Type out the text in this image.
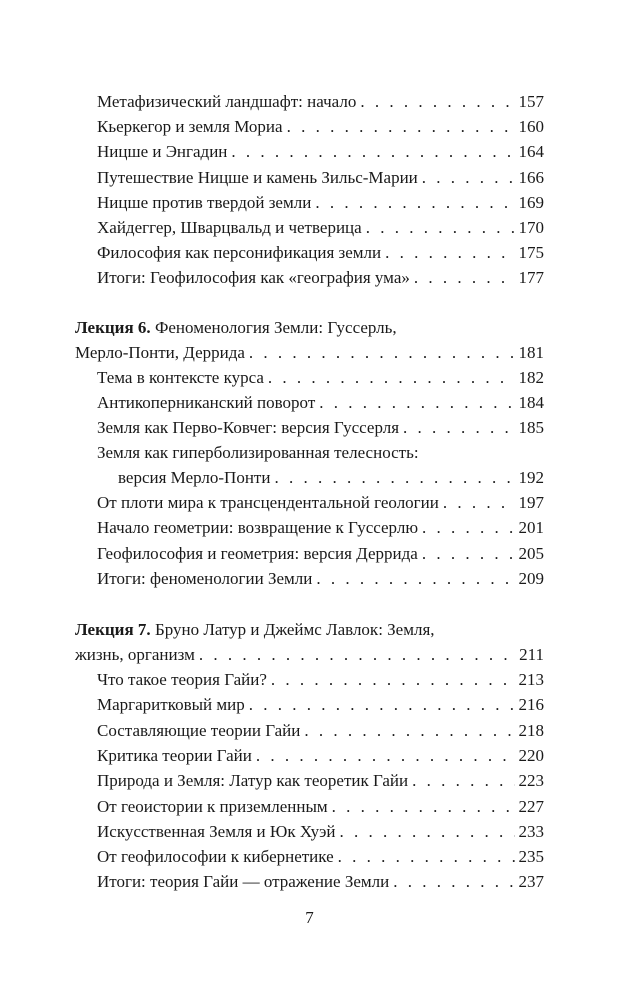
Метафизический ландшафт: начало . . .	157
Кьеркегор и земля Мориа . . .	160
Ницше и Энгадин . . .	164
Путешествие Ницше и камень Зильс-Марии . . .	166
Ницше против твердой земли . . .	169
Хайдеггер, Шварцвальд и четверица . . .	170
Философия как персонификация земли . . .	175
Итоги: Геофилософия как «география ума» . . .	177
Лекция 6. Феноменология Земли: Гуссерль,
Мерло-Понти, Деррида . . .	181
Тема в контексте курса . . .	182
Антикоперниканский поворот . . .	184
Земля как Перво-Ковчег: версия Гуссерля . . .	185
Земля как гиперболизированная телесность:
версия Мерло-Понти . . .	192
От плоти мира к трансцендентальной геологии . . .	197
Начало геометрии: возвращение к Гуссерлю . . .	201
Геофилософия и геометрия: версия Деррида . . .	205
Итоги: феноменологии Земли . . .	209
Лекция 7. Бруно Латур и Джеймс Лавлок: Земля,
жизнь, организм . . .	211
Что такое теория Гайи? . . .	213
Маргаритковый мир . . .	216
Составляющие теории Гайи . . .	218
Критика теории Гайи . . .	220
Природа и Земля: Латур как теоретик Гайи . . .	223
От геоистории к приземленным . . .	227
Искусственная Земля и Юк Хуэй . . .	233
От геофилософии к кибернетике . . .	235
Итоги: теория Гайи — отражение Земли . . .	237
7
